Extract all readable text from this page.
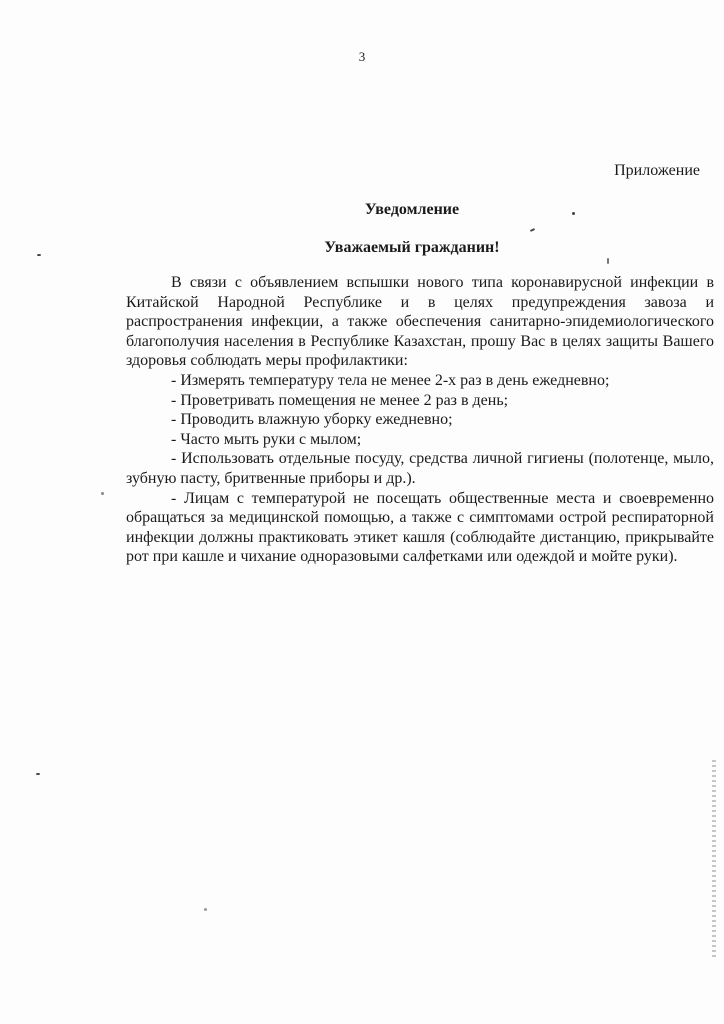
3
Приложение
Уведомление
Уважаемый гражданин!

В связи с объявлением вспышки нового типа коронавирусной инфекции в Китайской Народной Республике и в целях предупреждения завоза и распространения инфекции, а также обеспечения санитарно-эпидемиологического благополучия населения в Республике Казахстан, прошу Вас в целях защиты Вашего здоровья соблюдать меры профилактики:

- Измерять температуру тела не менее 2-х раз в день ежедневно;

- Проветривать помещения не менее 2 раз в день;

- Проводить влажную уборку ежедневно;

- Часто мыть руки с мылом;

- Использовать отдельные посуду, средства личной гигиены (полотенце, мыло, зубную пасту, бритвенные приборы и др.).

- Лицам с температурой не посещать общественные места и своевременно обращаться за медицинской помощью, а также с симптомами острой респираторной инфекции должны практиковать этикет кашля (соблюдайте дистанцию, прикрывайте рот при кашле и чихание одноразовыми салфетками или одеждой и мойте руки).
